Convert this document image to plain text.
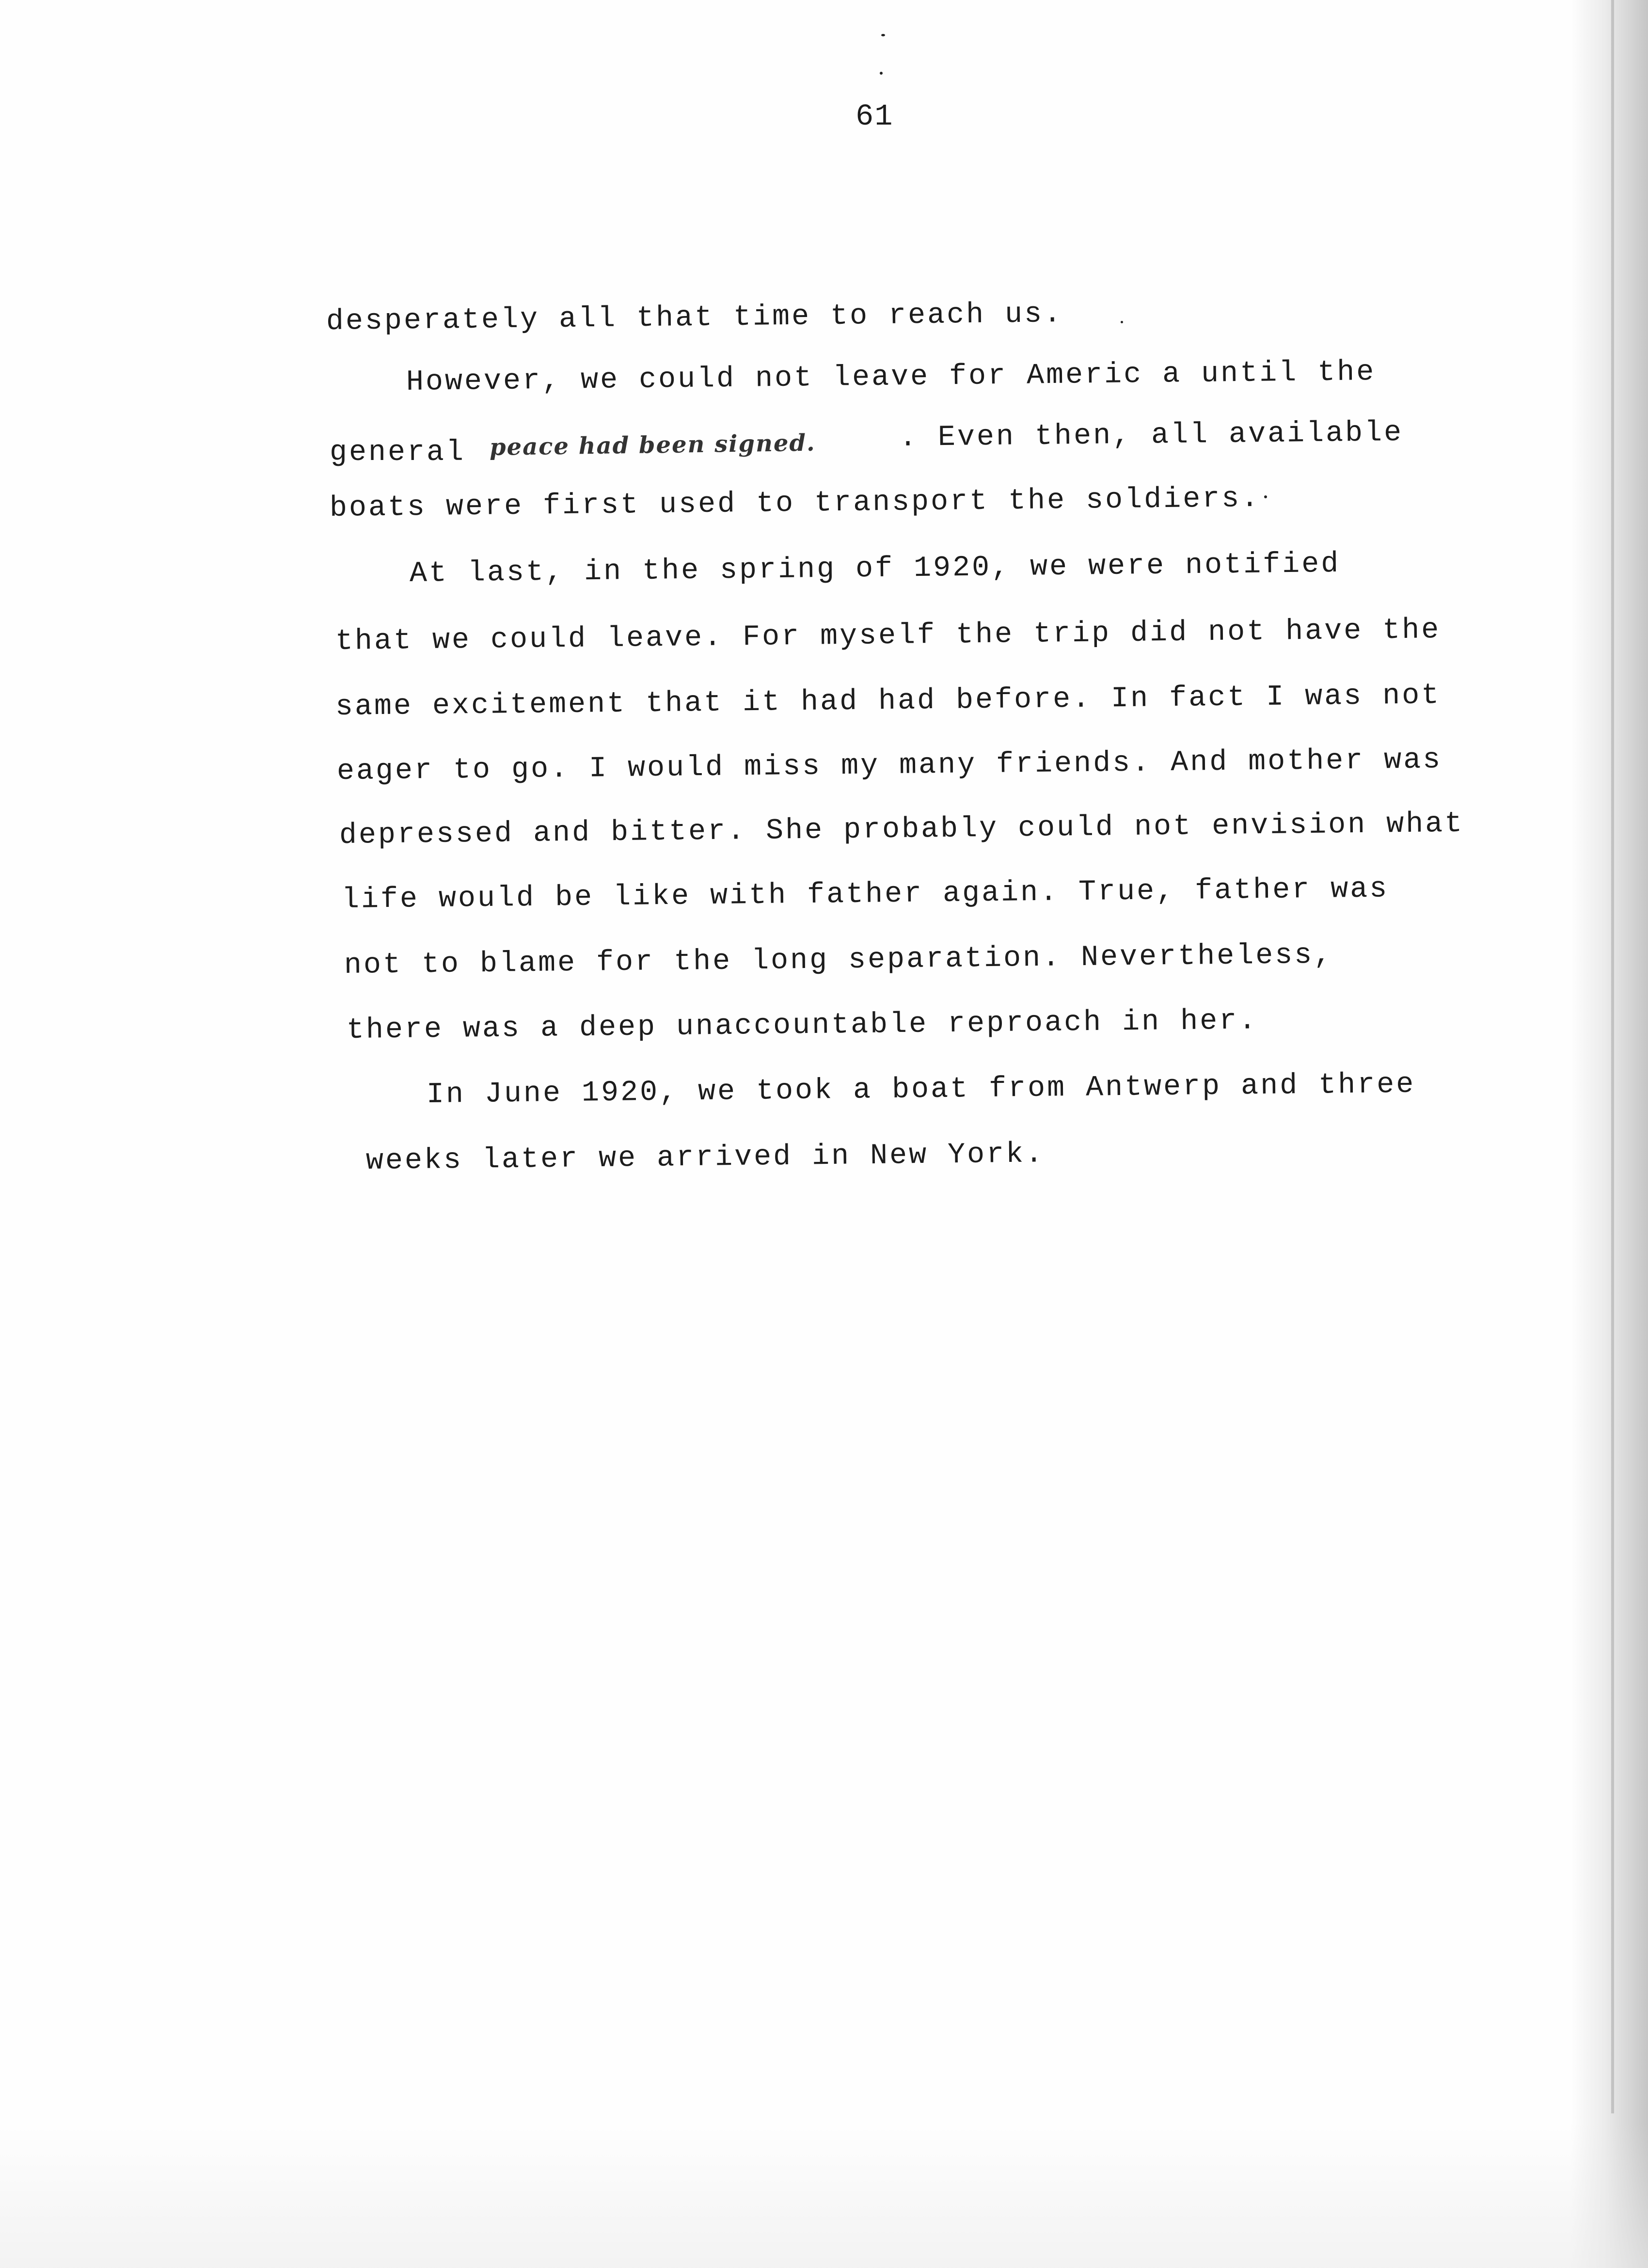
61
desperately all that time to reach us.
However, we could not leave for Americ a until the
general peace had been signed.	. Even then, all available
boats were first used to transport the soldiers.
At last, in the spring of 1920, we were notified
that we could leave. For myself the trip did not have the
same excitement that it had had before. In fact I was not
eager to go. I would miss my many friends. And mother was
depressed and bitter. She probably could not envision what
life would be like with father again. True, father was
not to blame for the long separation. Nevertheless,
there was a deep unaccountable reproach in her.
In June 1920, we took a boat from Antwerp and three
weeks later we arrived in New York.
